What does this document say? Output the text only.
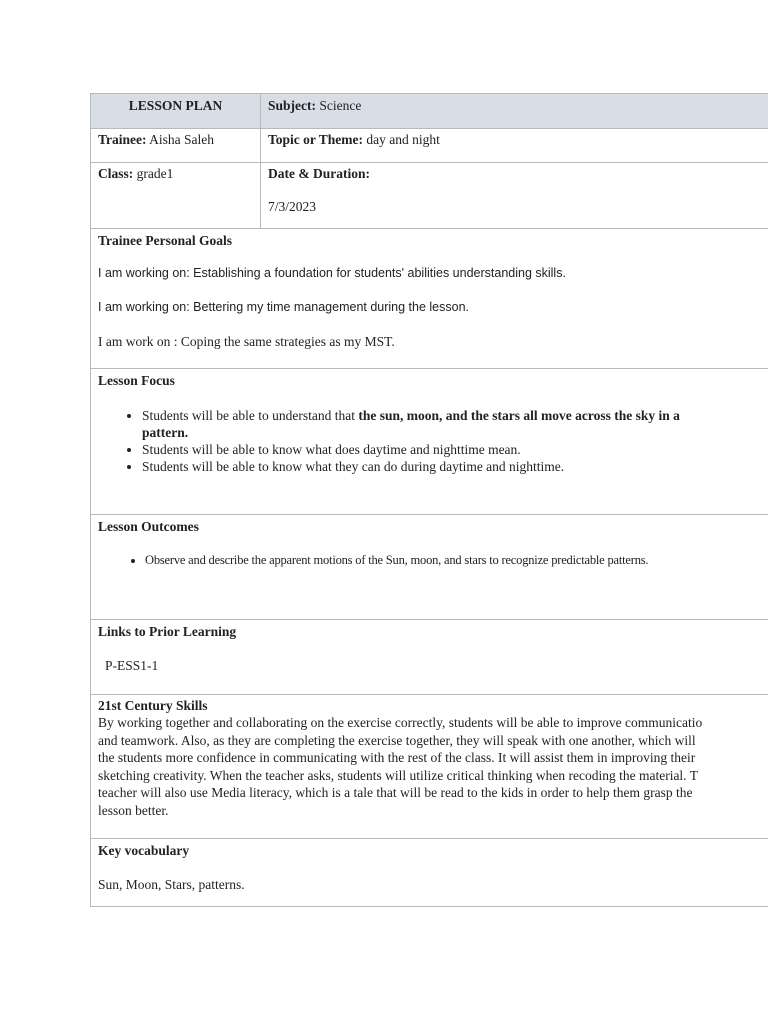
LESSON PLAN	Subject: Science
Trainee: Aisha Saleh	Topic or Theme: day and night
Class: grade1	Date & Duration:
7/3/2023
Trainee Personal Goals
I am working on: Establishing a foundation for students' abilities understanding skills.
I am working on: Bettering my time management during the lesson.
I am work on : Coping the same strategies as my MST.
Lesson Focus
• Students will be able to understand that the sun, moon, and the stars all move across the sky in a
pattern.
• Students will be able to know what does daytime and nighttime mean.
• Students will be able to know what they can do during daytime and nighttime.
Lesson Outcomes
• Observe and describe the apparent motions of the Sun, moon, and stars to recognize predictable patterns.
Links to Prior Learning
P-ESS1-1
21st Century Skills
By working together and collaborating on the exercise correctly, students will be able to improve communicatio
and teamwork. Also, as they are completing the exercise together, they will speak with one another, which will
the students more confidence in communicating with the rest of the class. It will assist them in improving their
sketching creativity. When the teacher asks, students will utilize critical thinking when recoding the material. T
teacher will also use Media literacy, which is a tale that will be read to the kids in order to help them grasp the
lesson better.
Key vocabulary
Sun, Moon, Stars, patterns.
